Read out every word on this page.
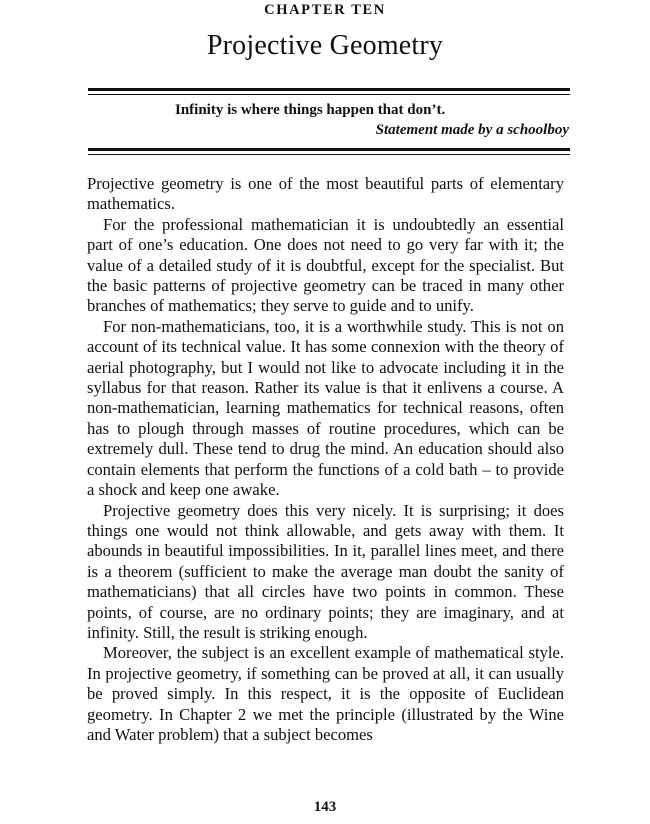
CHAPTER TEN
Projective Geometry
Infinity is where things happen that don’t.
Statement made by a schoolboy

Projective geometry is one of the most beautiful parts of elementary mathematics.

For the professional mathematician it is undoubtedly an essential part of one’s education. One does not need to go very far with it; the value of a detailed study of it is doubtful, except for the specialist. But the basic patterns of projective geometry can be traced in many other branches of mathematics; they serve to guide and to unify.

For non-mathematicians, too, it is a worthwhile study. This is not on account of its technical value. It has some connexion with the theory of aerial photography, but I would not like to advocate including it in the syllabus for that reason. Rather its value is that it enlivens a course. A non-mathematician, learning mathematics for technical reasons, often has to plough through masses of routine procedures, which can be extremely dull. These tend to drug the mind. An education should also contain elements that perform the functions of a cold bath – to provide a shock and keep one awake.

Projective geometry does this very nicely. It is surprising; it does things one would not think allowable, and gets away with them. It abounds in beautiful impossibilities. In it, parallel lines meet, and there is a theorem (sufficient to make the average man doubt the sanity of mathematicians) that all circles have two points in common. These points, of course, are no ordinary points; they are imaginary, and at infinity. Still, the result is striking enough.

Moreover, the subject is an excellent example of mathematical style. In projective geometry, if something can be proved at all, it can usually be proved simply. In this respect, it is the opposite of Euclidean geometry. In Chapter 2 we met the principle (illustrated by the Wine and Water problem) that a subject becomes

143
